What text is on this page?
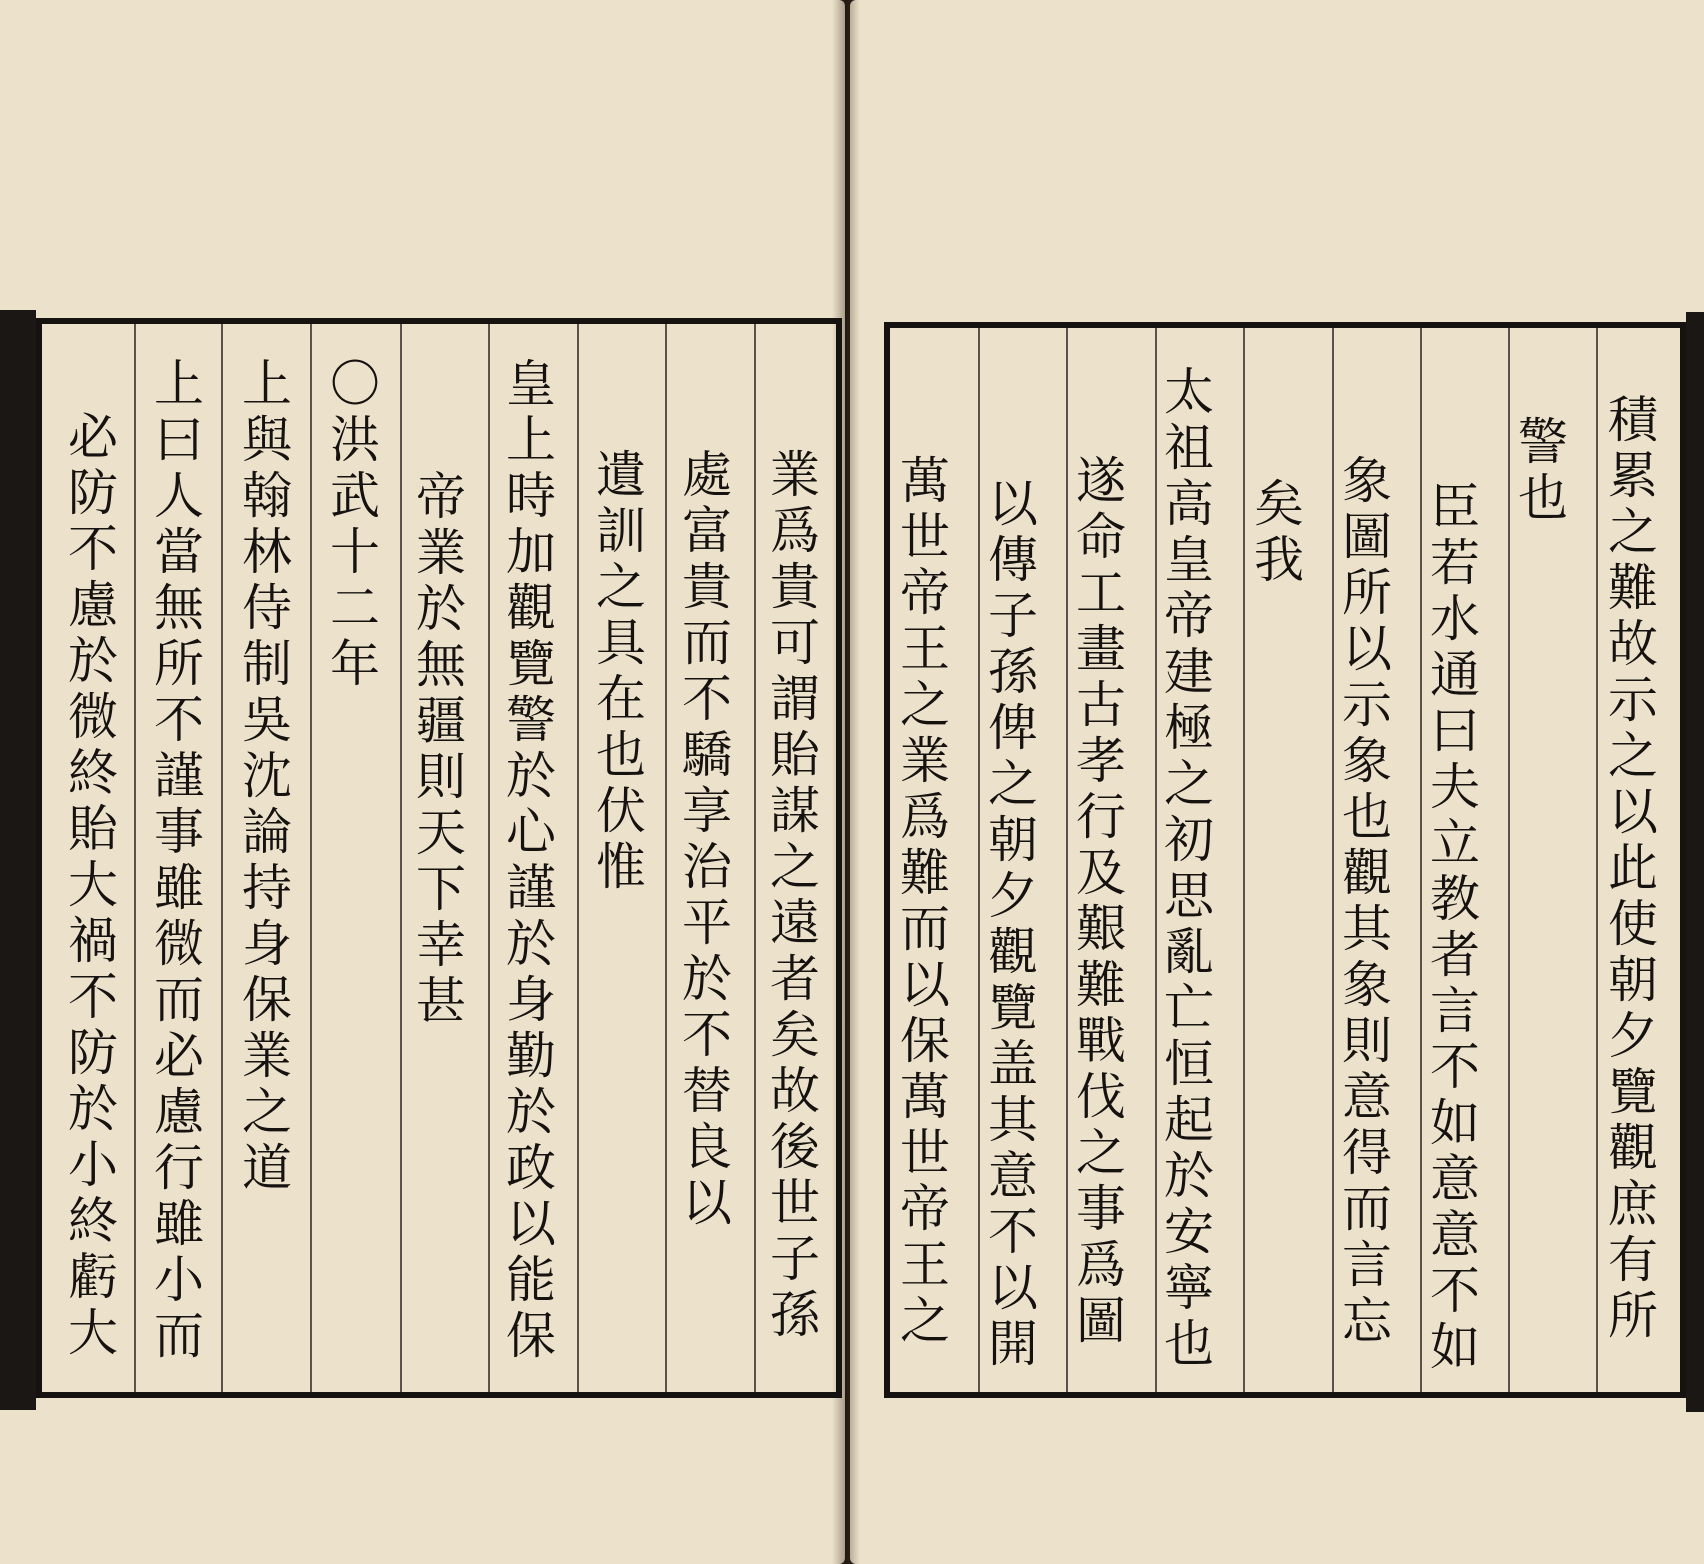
業爲貴可謂貽謀之遠者矣故後世子孫
處富貴而不驕享治平於不替良以
遺訓之具在也伏惟
皇上時加觀覽警於心謹於身勤於政以能保
帝業於無疆則天下幸甚
〇洪武十二年
上與翰林侍制吳沈論持身保業之道
上曰人當無所不謹事雖微而必慮行雖小而
必防不慮於微終貽大禍不防於小終虧大	積累之難故示之以此使朝夕覽觀庶有所
警也
臣若水通曰夫立教者言不如意意不如
象圖所以示象也觀其象則意得而言忘
矣我
太祖高皇帝建極之初思亂亡恒起於安寧也
遂命工畫古孝行及艱難戰伐之事爲圖
以傳子孫俾之朝夕觀覽盖其意不以開
萬世帝王之業爲難而以保萬世帝王之
